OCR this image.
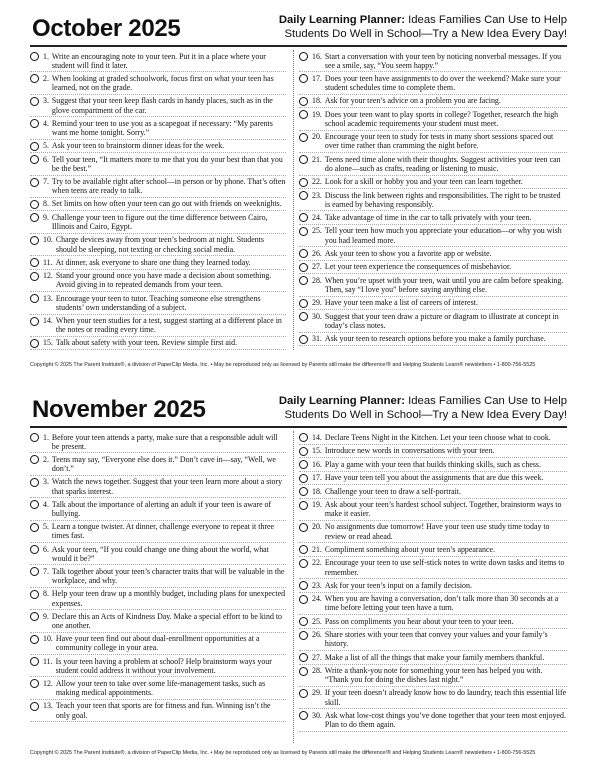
October 2025	Daily Learning Planner: Ideas Families Can Use to Help
Students Do Well in School—Try a New Idea Every Day!
1. Write an encouraging note to your teen. Put it in a place where your student will find it later.
2. When looking at graded schoolwork, focus first on what your teen has learned, not on the grade.
3. Suggest that your teen keep flash cards in handy places, such as in the glove compartment of the car.
4. Remind your teen to use you as a scapegoat if necessary: “My parents want me home tonight. Sorry.”
5. Ask your teen to brainstorm dinner ideas for the week.
6. Tell your teen, “It matters more to me that you do your best than that you be the best.”
7. Try to be available right after school—in person or by phone. That’s often when teens are ready to talk.
8. Set limits on how often your teen can go out with friends on weeknights.
9. Challenge your teen to figure out the time difference between Cairo, Illinois and Cairo, Egypt.
10. Charge devices away from your teen’s bedroom at night. Students should be sleeping, not texting or checking social media.
11. At dinner, ask everyone to share one thing they learned today.
12. Stand your ground once you have made a decision about something. Avoid giving in to repeated demands from your teen.
13. Encourage your teen to tutor. Teaching someone else strengthens students’ own understanding of a subject.
14. When your teen studies for a test, suggest starting at a different place in the notes or reading every time.
15. Talk about safety with your teen. Review simple first aid.
16. Start a conversation with your teen by noticing nonverbal messages. If you see a smile, say, “You seem happy.”
17. Does your teen have assignments to do over the weekend? Make sure your student schedules time to complete them.
18. Ask for your teen’s advice on a problem you are facing.
19. Does your teen want to play sports in college? Together, research the high school academic requirements your student must meet.
20. Encourage your teen to study for tests in many short sessions spaced out over time rather than cramming the night before.
21. Teens need time alone with their thoughts. Suggest activities your teen can do alone—such as crafts, reading or listening to music.
22. Look for a skill or hobby you and your teen can learn together.
23. Discuss the link between rights and responsibilities. The right to be trusted is earned by behaving responsibly.
24. Take advantage of time in the car to talk privately with your teen.
25. Tell your teen how much you appreciate your education—or why you wish you had learned more.
26. Ask your teen to show you a favorite app or website.
27. Let your teen experience the consequences of misbehavior.
28. When you’re upset with your teen, wait until you are calm before speaking. Then, say “I love you” before saying anything else.
29. Have your teen make a list of careers of interest.
30. Suggest that your teen draw a picture or diagram to illustrate at concept in today’s class notes.
31. Ask your teen to research options before you make a family purchase.
Copyright © 2025 The Parent Institute®, a division of PaperClip Media, Inc. • May be reproduced only as licensed by Parents still make the difference!® and Helping Students Learn® newsletters • 1-800-756-5525
November 2025	Daily Learning Planner: Ideas Families Can Use to Help
Students Do Well in School—Try a New Idea Every Day!
1. Before your teen attends a party, make sure that a responsible adult will be present.
2. Teens may say, “Everyone else does it.” Don’t cave in—say, “Well, we don’t.”
3. Watch the news together. Suggest that your teen learn more about a story that sparks interest.
4. Talk about the importance of alerting an adult if your teen is aware of bullying.
5. Learn a tongue twister. At dinner, challenge everyone to repeat it three times fast.
6. Ask your teen, “If you could change one thing about the world, what would it be?”
7. Talk together about your teen’s character traits that will be valuable in the workplace, and why.
8. Help your teen draw up a monthly budget, including plans for unexpected expenses.
9. Declare this an Acts of Kindness Day. Make a special effort to be kind to one another.
10. Have your teen find out about dual-enrollment opportunities at a community college in your area.
11. Is your teen having a problem at school? Help brainstorm ways your student could address it without your involvement.
12. Allow your teen to take over some life-management tasks, such as making medical appointments.
13. Teach your teen that sports are for fitness and fun. Winning isn’t the only goal.
14. Declare Teens Night in the Kitchen. Let your teen choose what to cook.
15. Introduce new words in conversations with your teen.
16. Play a game with your teen that builds thinking skills, such as chess.
17. Have your teen tell you about the assignments that are due this week.
18. Challenge your teen to draw a self-portrait.
19. Ask about your teen’s hardest school subject. Together, brainstorm ways to make it easier.
20. No assignments due tomorrow! Have your teen use study time today to review or read ahead.
21. Compliment something about your teen’s appearance.
22. Encourage your teen to use self-stick notes to write down tasks and items to remember.
23. Ask for your teen’s input on a family decision.
24. When you are having a conversation, don’t talk more than 30 seconds at a time before letting your teen have a turn.
25. Pass on compliments you hear about your teen to your teen.
26. Share stories with your teen that convey your values and your family’s history.
27. Make a list of all the things that make your family members thankful.
28. Write a thank-you note for something your teen has helped you with. “Thank you for doing the dishes last night.”
29. If your teen doesn’t already know how to do laundry, teach this essential life skill.
30. Ask what low-cost things you’ve done together that your teen most enjoyed. Plan to do them again.
Copyright © 2025 The Parent Institute®, a division of PaperClip Media, Inc. • May be reproduced only as licensed by Parents still make the difference!® and Helping Students Learn® newsletters • 1-800-756-5525
